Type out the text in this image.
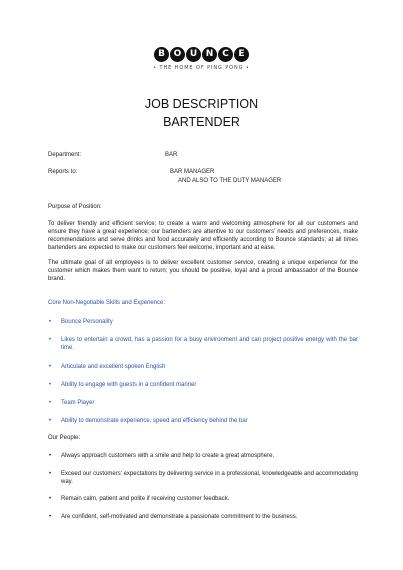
B O U N C	E
• THE HOME OF PING PONG •
JOB DESCRIPTION
BARTENDER
Department:	BAR
Reports to:	BAR MANAGER
AND ALSO TO THE DUTY MANAGER
Purpose of Position:
To deliver friendly and efficient service; to create a warm and welcoming atmosphere for all our customers and ensure they have a great experience; our bartenders are attentive to our customers' needs and preferences, make recommendations and serve drinks and food accurately and efficiently according to Bounce standards; at all times bartenders are expected to make our customers feel welcome, important and at ease.
The ultimate goal of all employees is to deliver excellent customer service, creating a unique experience for the customer which makes them want to return; you should be positive, loyal and a proud ambassador of the Bounce brand.
Core Non-Negotiable Skills and Experience:
• Bounce Personality
• Likes to entertain a crowd, has a passion for a busy environment and can project positive energy with the bar time.
• Articulate and excellent spoken English
• Ability to engage with guests in a confident manner
• Team Player
• Ability to demonstrate experience, speed and efficiency behind the bar
Our People:
• Always approach customers with a smile and help to create a great atmosphere.
• Exceed our customers' expectations by delivering service in a professional, knowledgeable and accommodating way.
• Remain calm, patient and polite if receiving customer feedback.
• Are confident, self-motivated and demonstrate a passionate commitment to the business.
